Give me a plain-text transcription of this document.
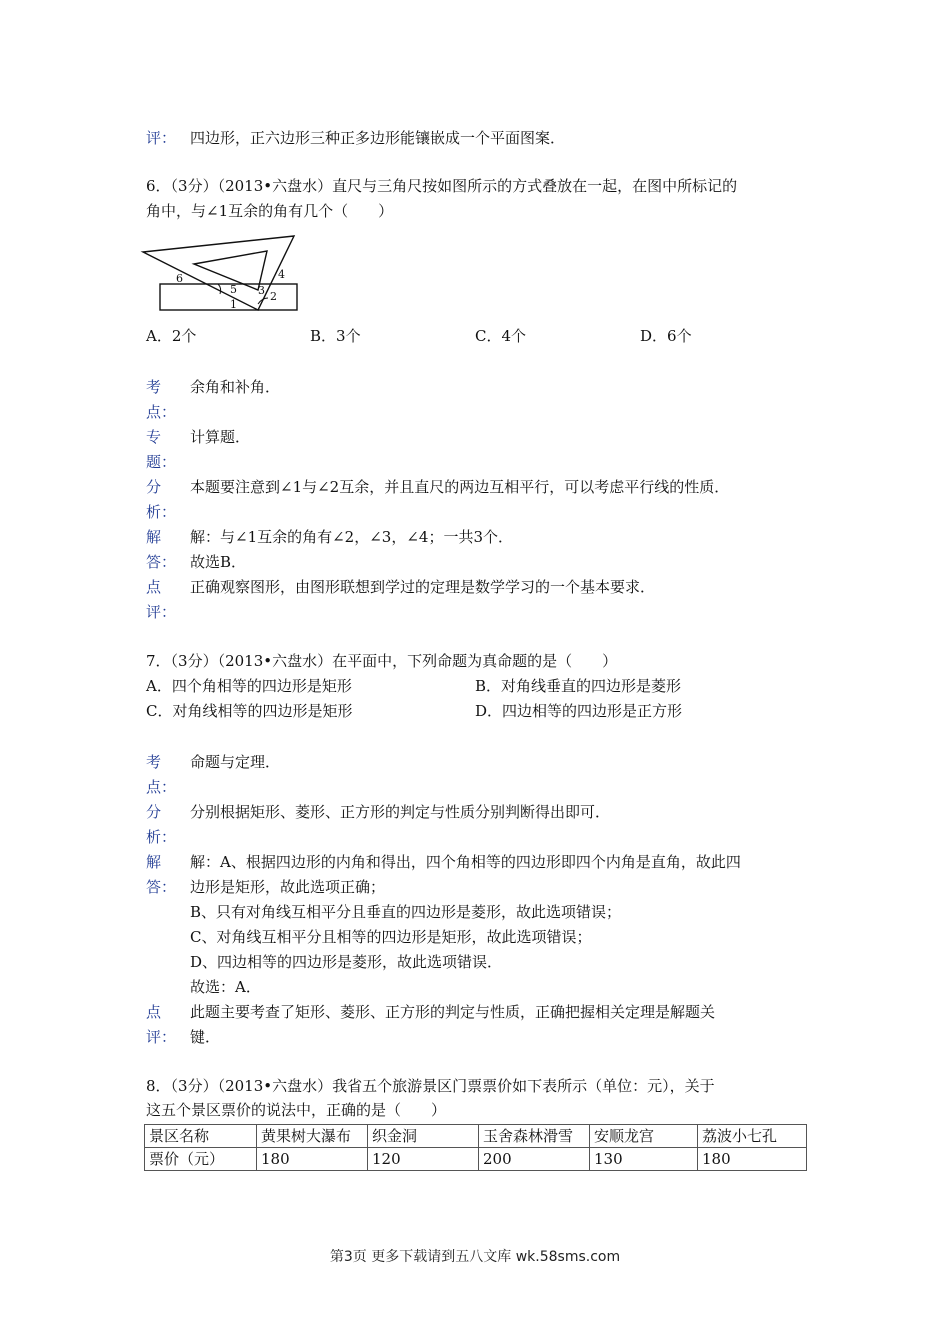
评： 四边形，正六边形三种正多边形能镶嵌成一个平面图案．
6．（3分）（2013•六盘水）直尺与三角尺按如图所示的方式叠放在一起，在图中所标记的
角中，与∠1互余的角有几个（　　）
6
5 3
4
2
1
A．2个	B．3个	C．4个	D．6个
考
点：
余角和补角．
专
题：
计算题．
分
析：
本题要注意到∠1与∠2互余，并且直尺的两边互相平行，可以考虑平行线的性质．
解
答：
解：与∠1互余的角有∠2，∠3，∠4；一共3个．
故选B．
点
评：
正确观察图形，由图形联想到学过的定理是数学学习的一个基本要求．
7．（3分）（2013•六盘水）在平面中，下列命题为真命题的是（　　）
A．四个角相等的四边形是矩形	B．对角线垂直的四边形是菱形
C．对角线相等的四边形是矩形	D．四边相等的四边形是正方形
考
点：
命题与定理．
分
析：
分别根据矩形、菱形、正方形的判定与性质分别判断得出即可．
解
答：
解：A、根据四边形的内角和得出，四个角相等的四边形即四个内角是直角，故此四
边形是矩形，故此选项正确；
B、只有对角线互相平分且垂直的四边形是菱形，故此选项错误；
C、对角线互相平分且相等的四边形是矩形，故此选项错误；
D、四边相等的四边形是菱形，故此选项错误．
故选：A．
点
评：
此题主要考查了矩形、菱形、正方形的判定与性质，正确把握相关定理是解题关
键．
8．（3分）（2013•六盘水）我省五个旅游景区门票票价如下表所示（单位：元），关于
这五个景区票价的说法中，正确的是（　　）
景区名称	黄果树大瀑布	织金洞	玉舍森林滑雪	安顺龙宫	荔波小七孔
票价（元）	180	120	200	130	180
第3页 更多下载请到五八文库 wk.58sms.com
